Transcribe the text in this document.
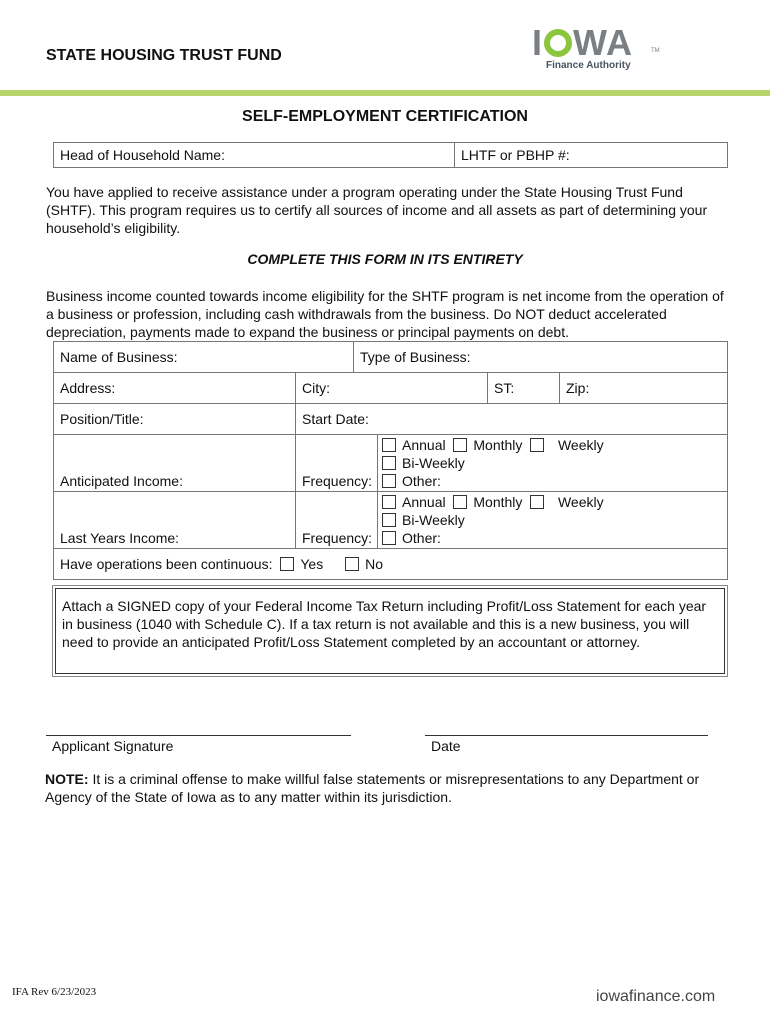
STATE HOUSING TRUST FUND	I WA	TM
Finance Authority
SELF-EMPLOYMENT CERTIFICATION
Head of Household Name:	LHTF or PBHP #:
You have applied to receive assistance under a program operating under the State Housing Trust Fund (SHTF). This program requires us to certify all sources of income and all assets as part of determining your household’s eligibility.
COMPLETE THIS FORM IN ITS ENTIRETY
Business income counted towards income eligibility for the SHTF program is net income from the operation of a business or profession, including cash withdrawals from the business. Do NOT deduct accelerated depreciation, payments made to expand the business or principal payments on debt.
Name of Business:		Type of Business:			
Address:	City:			ST:	Zip:
Position/Title:	Start Date:				
Anticipated Income:	Frequency:		Annual Monthly Weekly
Bi-Weekly
Other:		

Last Years Income:	Frequency:		Annual Monthly Weekly
Bi-Weekly
Other:		

Have operations been continuous: Yes No					
Attach a SIGNED copy of your Federal Income Tax Return including Profit/Loss Statement for each year in business (1040 with Schedule C). If a tax return is not available and this is a new business, you will need to provide an anticipated Profit/Loss Statement completed by an accountant or attorney.
Applicant Signature	Date
NOTE: It is a criminal offense to make willful false statements or misrepresentations to any Department or Agency of the State of Iowa as to any matter within its jurisdiction.
IFA Rev 6/23/2023	iowafinance.com
